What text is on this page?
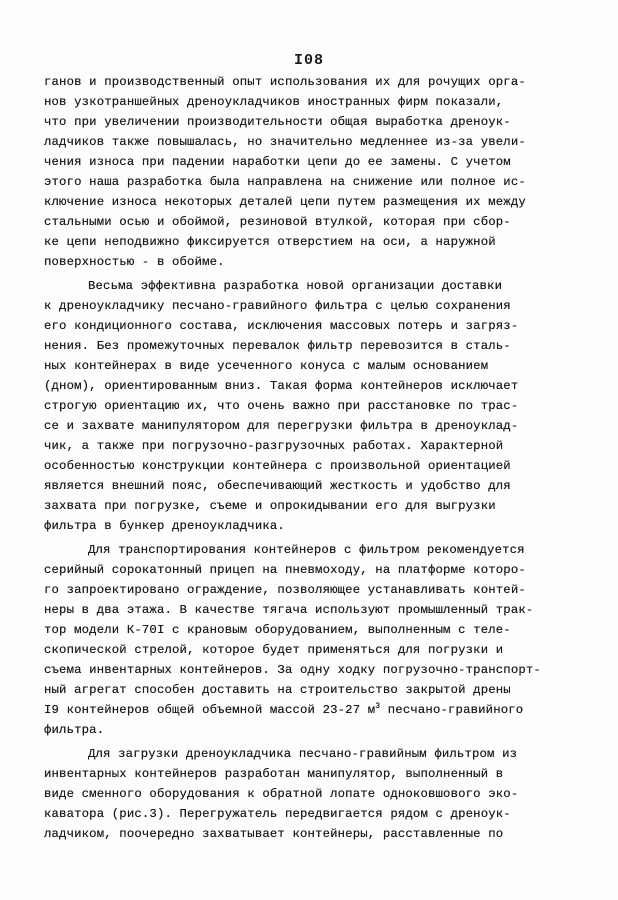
I08
ганов и производственный опыт использования их для рочущих орга-
нов узкотраншейных дреноукладчиков иностранных фирм показали,
что при увеличении производительности общая выработка дреноук-
ладчиков также повышалась, но значительно медленнее из-за увели-
чения износа при падении наработки цепи до ее замены. С учетом
этого наша разработка была направлена на снижение или полное ис-
ключение износа некоторых деталей цепи путем размещения их между
стальными осью и обоймой, резиновой втулкой, которая при сбор-
ке цепи неподвижно фиксируется отверстием на оси, а наружной
поверхностью - в обойме.
Весьма эффективна разработка новой организации доставки
к дреноукладчику песчано-гравийного фильтра с целью сохранения
его кондиционного состава, исключения массовых потерь и загряз-
нения. Без промежуточных перевалок фильтр перевозится в сталь-
ных контейнерах в виде усеченного конуса с малым основанием
(дном), ориентированным вниз. Такая форма контейнеров исключает
строгую ориентацию их, что очень важно при расстановке по трас-
се и захвате манипулятором для перегрузки фильтра в дреноуклад-
чик, а также при погрузочно-разгрузочных работах. Характерной
особенностью конструкции контейнера с произвольной ориентацией
является внешний пояс, обеспечивающий жесткость и удобство для
захвата при погрузке, съеме и опрокидывании его для выгрузки
фильтра в бункер дреноукладчика.
Для транспортирования контейнеров с фильтром рекомендуется
серийный сорокатонный прицеп на пневмоходу, на платформе которо-
го запроектировано ограждение, позволяющее устанавливать контей-
неры в два этажа. В качестве тягача используют промышленный трак-
тор модели К-70I с крановым оборудованием, выполненным с теле-
скопической стрелой, которое будет применяться для погрузки и
съема инвентарных контейнеров. За одну ходку погрузочно-транспорт-
ный агрегат способен доставить на строительство закрытой дрены
I9 контейнеров общей объемной массой 23-27 $м^3$ песчано-гравийного
фильтра.
Для загрузки дреноукладчика песчано-гравийным фильтром из
инвентарных контейнеров разработан манипулятор, выполненный в
виде сменного оборудования к обратной лопате одноковшового эко-
каватора (рис.3). Перегружатель передвигается рядом с дреноук-
ладчиком, поочередно захватывает контейнеры, расставленные по
